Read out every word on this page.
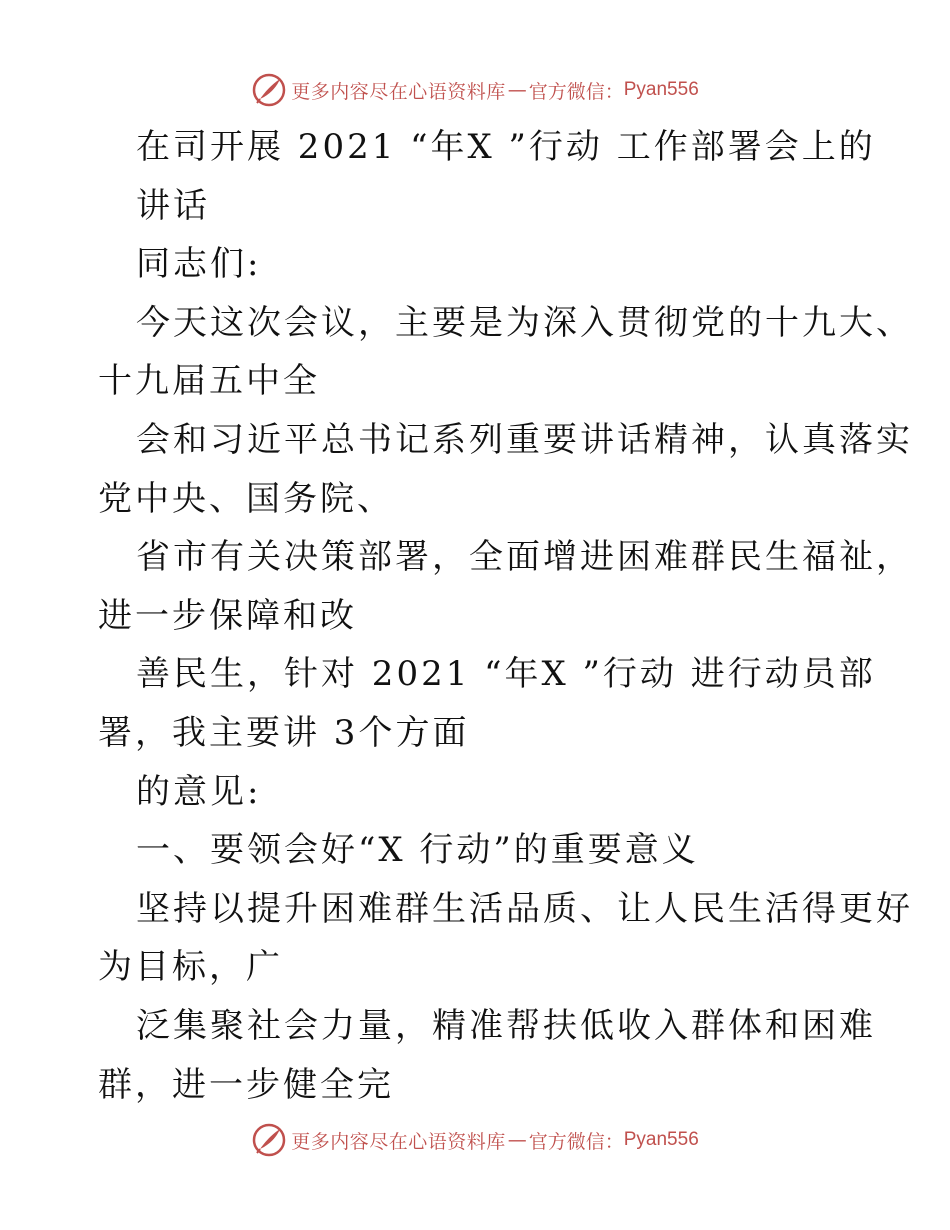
更多内容尽在心语资料库 — 官方微信： Pyan556
在司开展 2021 “年X ”行动 工作部署会上的
讲话
同志们:
今天这次会议，主要是为深入贯彻党的十九大、
十九届五中全
会和习近平总书记系列重要讲话精神，认真落实
党中央、国务院、
省市有关决策部署，全面增进困难群民生福祉，
进一步保障和改
善民生，针对 2021 “年X ”行动 进行动员部
署，我主要讲 3个方面
的意见:
一、要领会好“X 行动”的重要意义
坚持以提升困难群生活品质、让人民生活得更好
为目标，广
泛集聚社会力量，精准帮扶低收入群体和困难
群，进一步健全完
更多内容尽在心语资料库 — 官方微信： Pyan556
